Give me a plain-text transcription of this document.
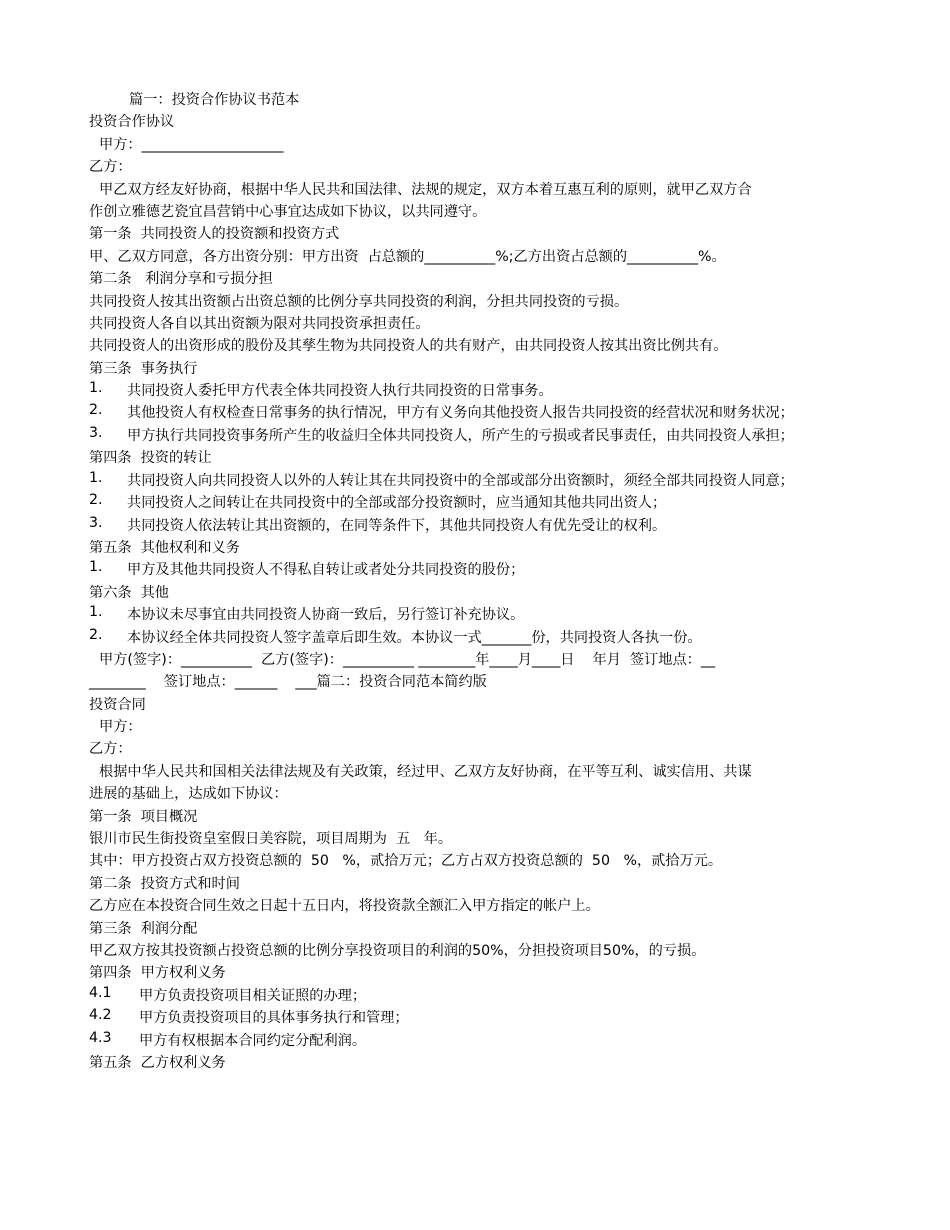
篇一：投资合作协议书范本
投资合作协议
甲方：____________________
乙方：
甲乙双方经友好协商，根据中华人民共和国法律、法规的规定，双方本着互惠互利的原则，就甲乙双方合
作创立雅德艺瓷宜昌营销中心事宜达成如下协议，以共同遵守。
第一条  共同投资人的投资额和投资方式
甲、乙双方同意，各方出资分别：甲方出资  占总额的__________%;乙方出资占总额的__________%。
第二条   利润分享和亏损分担
共同投资人按其出资额占出资总额的比例分享共同投资的利润，分担共同投资的亏损。
共同投资人各自以其出资额为限对共同投资承担责任。
共同投资人的出资形成的股份及其孳生物为共同投资人的共有财产，由共同投资人按其出资比例共有。
第三条  事务执行
1.	共同投资人委托甲方代表全体共同投资人执行共同投资的日常事务。
2.	其他投资人有权检查日常事务的执行情况，甲方有义务向其他投资人报告共同投资的经营状况和财务状况；
3.	甲方执行共同投资事务所产生的收益归全体共同投资人，所产生的亏损或者民事责任，由共同投资人承担；
第四条  投资的转让
1.	共同投资人向共同投资人以外的人转让其在共同投资中的全部或部分出资额时，须经全部共同投资人同意；
2.	共同投资人之间转让在共同投资中的全部或部分投资额时，应当通知其他共同出资人；
3.	共同投资人依法转让其出资额的，在同等条件下，其他共同投资人有优先受让的权利。
第五条  其他权利和义务
1.	甲方及其他共同投资人不得私自转让或者处分共同投资的股份；
第六条  其他
1.	本协议未尽事宜由共同投资人协商一致后，另行签订补充协议。
2.	本协议经全体共同投资人签字盖章后即生效。本协议一式_______份，共同投资人各执一份。
甲方(签字)：__________  乙方(签字)：__________ ________年____月____日    年月  签订地点：__
________    签订地点：______    ___篇二：投资合同范本简约版
投资合同
甲方：
乙方：
根据中华人民共和国相关法律法规及有关政策，经过甲、乙双方友好协商，在平等互利、诚实信用、共谋
进展的基础上，达成如下协议：
第一条  项目概况
银川市民生街投资皇室假日美容院，项目周期为  五   年。
其中：甲方投资占双方投资总额的  50   %，贰拾万元；乙方占双方投资总额的  50   %，贰拾万元。
第二条  投资方式和时间
乙方应在本投资合同生效之日起十五日内，将投资款全额汇入甲方指定的帐户上。
第三条  利润分配
甲乙双方按其投资额占投资总额的比例分享投资项目的利润的50%，分担投资项目50%，的亏损。
第四条  甲方权利义务
4.1	甲方负责投资项目相关证照的办理；
4.2	甲方负责投资项目的具体事务执行和管理；
4.3	甲方有权根据本合同约定分配利润。
第五条  乙方权利义务
